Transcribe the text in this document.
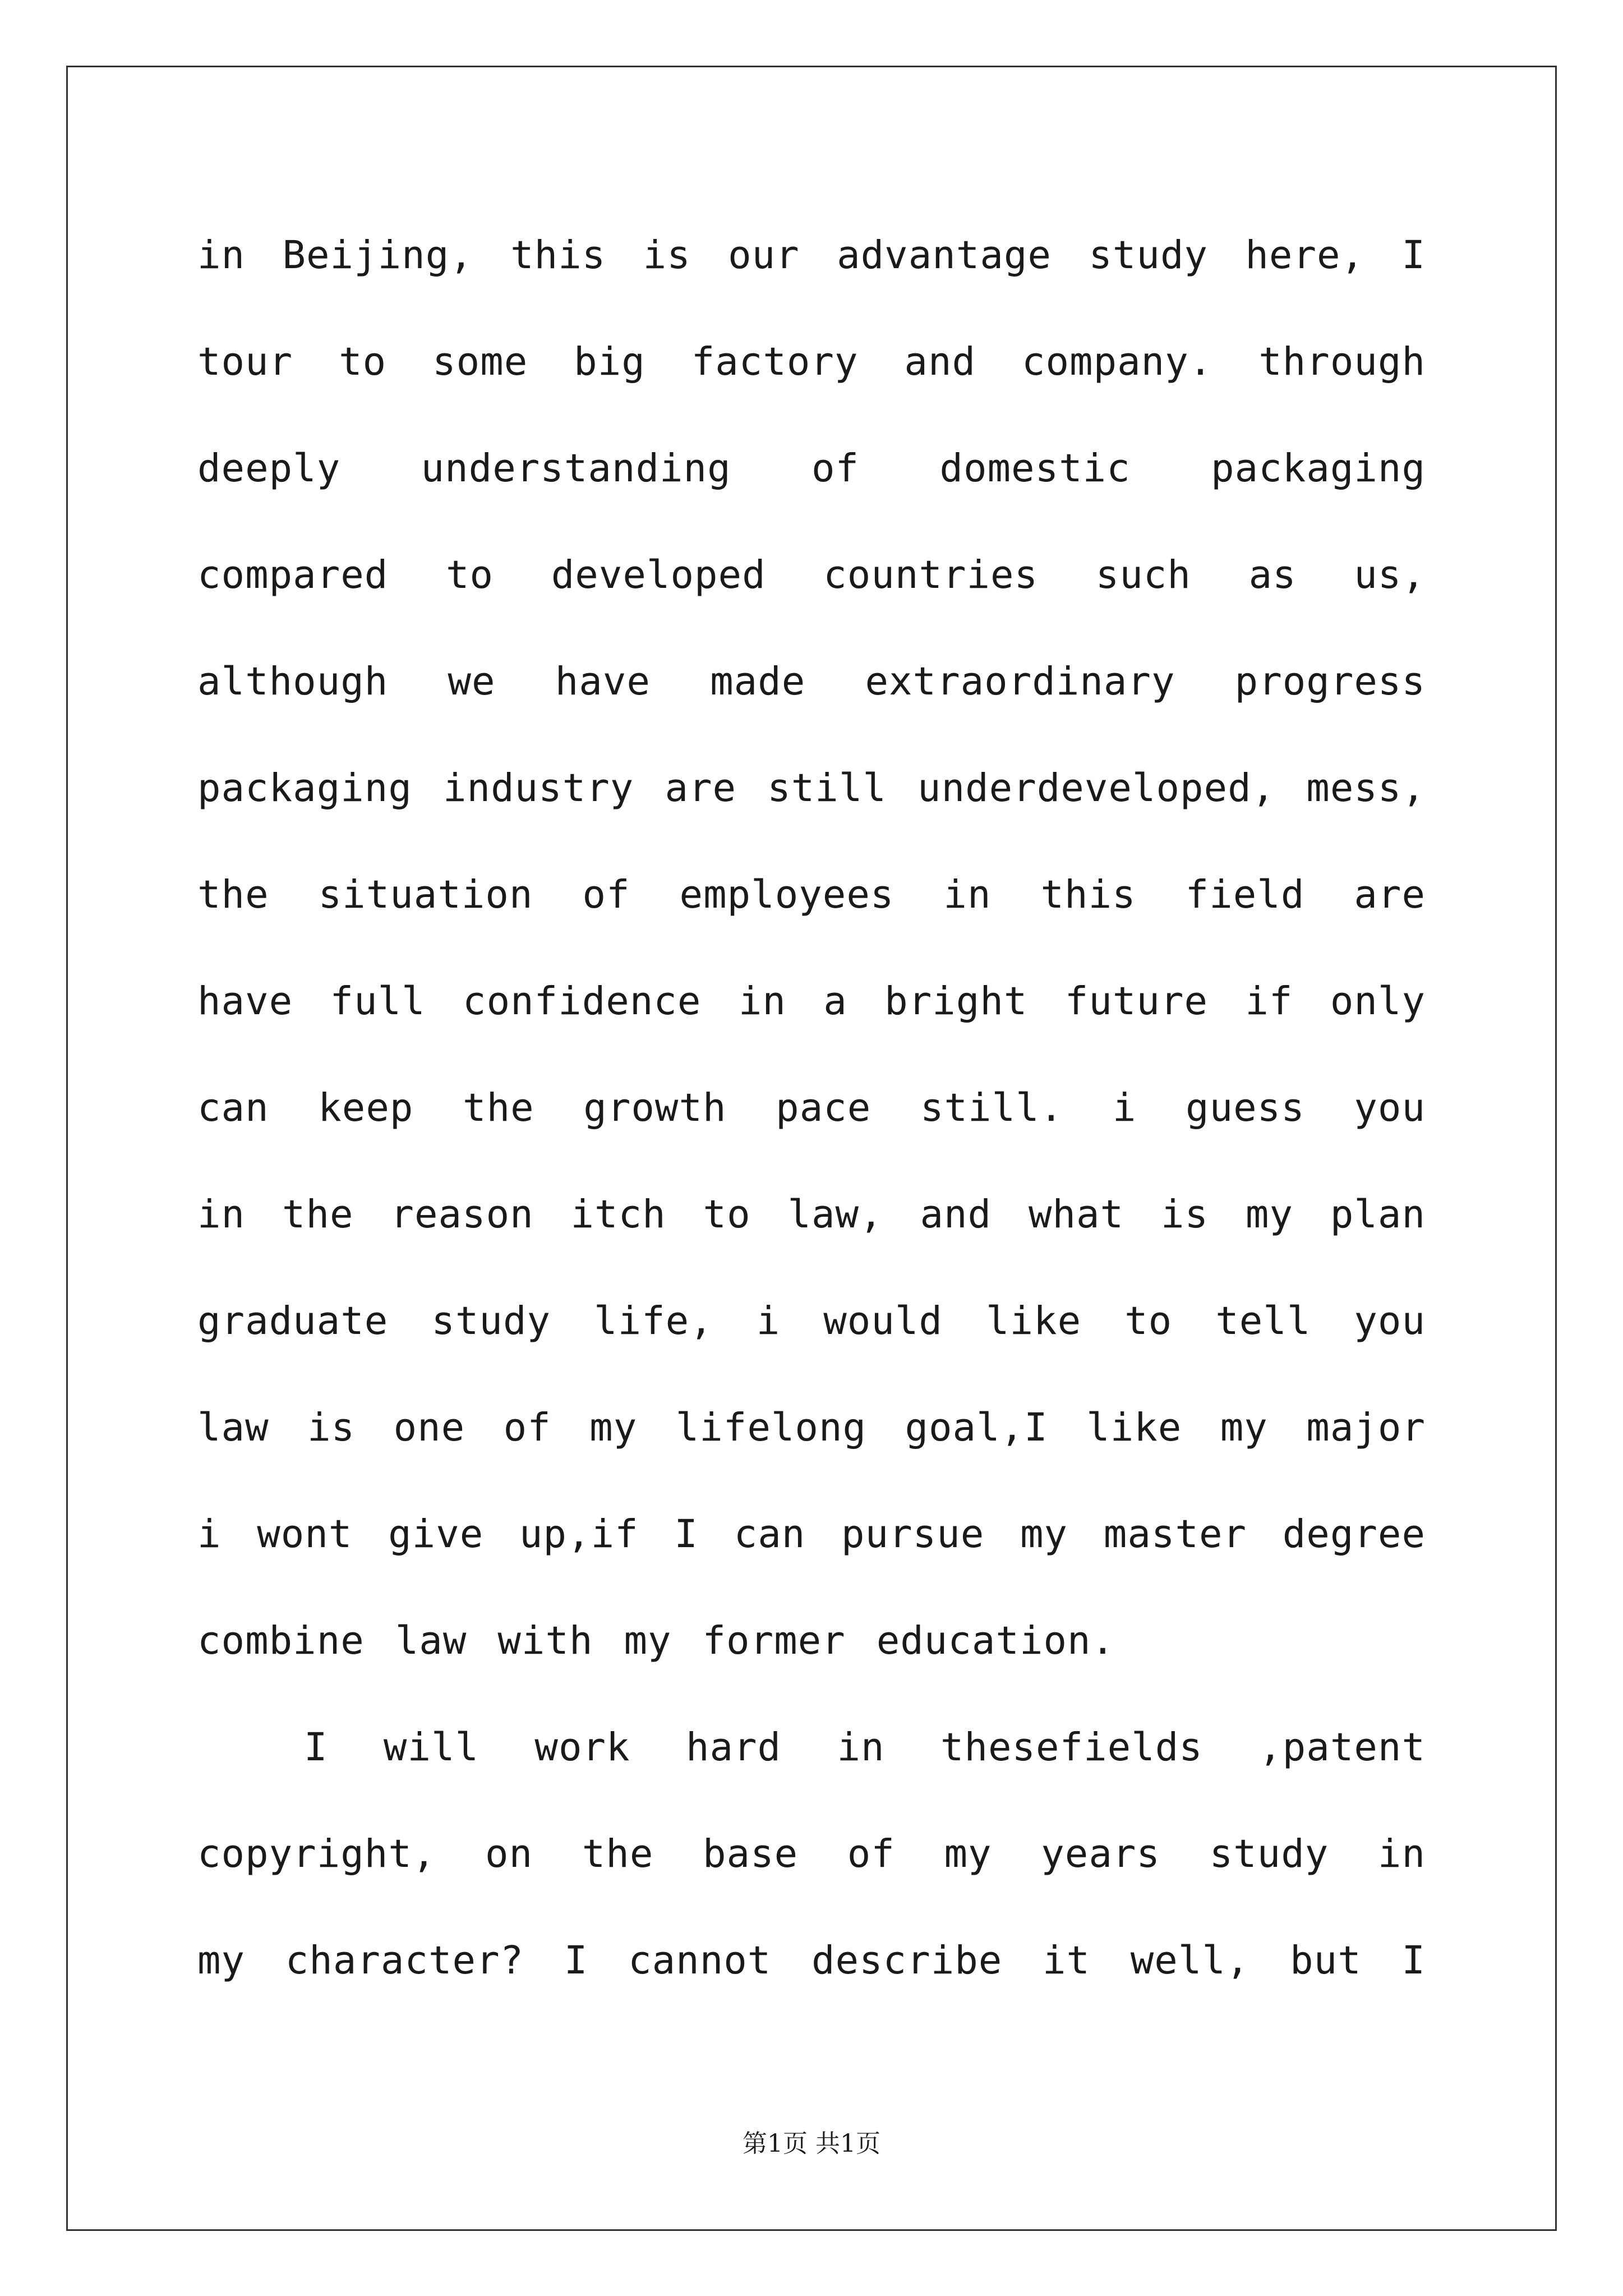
in Beijing, this is our advantage study here, I
tour to some big factory and company. through
deeply understanding of domestic packaging
compared to developed countries such as us,
although we have made extraordinary progress
packaging industry are still underdeveloped, mess,
the situation of employees in this field are
have full confidence in a bright future if only
can keep the growth pace still. i guess you
in the reason itch to law, and what is my plan
graduate study life, i would like to tell you
law is one of my lifelong goal,I like my major
i wont give up,if I can pursue my master degree
combine law with my former education.
I will work hard in thesefields ,patent
copyright, on the base of my years study in
my character? I cannot describe it well, but I
第1页 共1页
